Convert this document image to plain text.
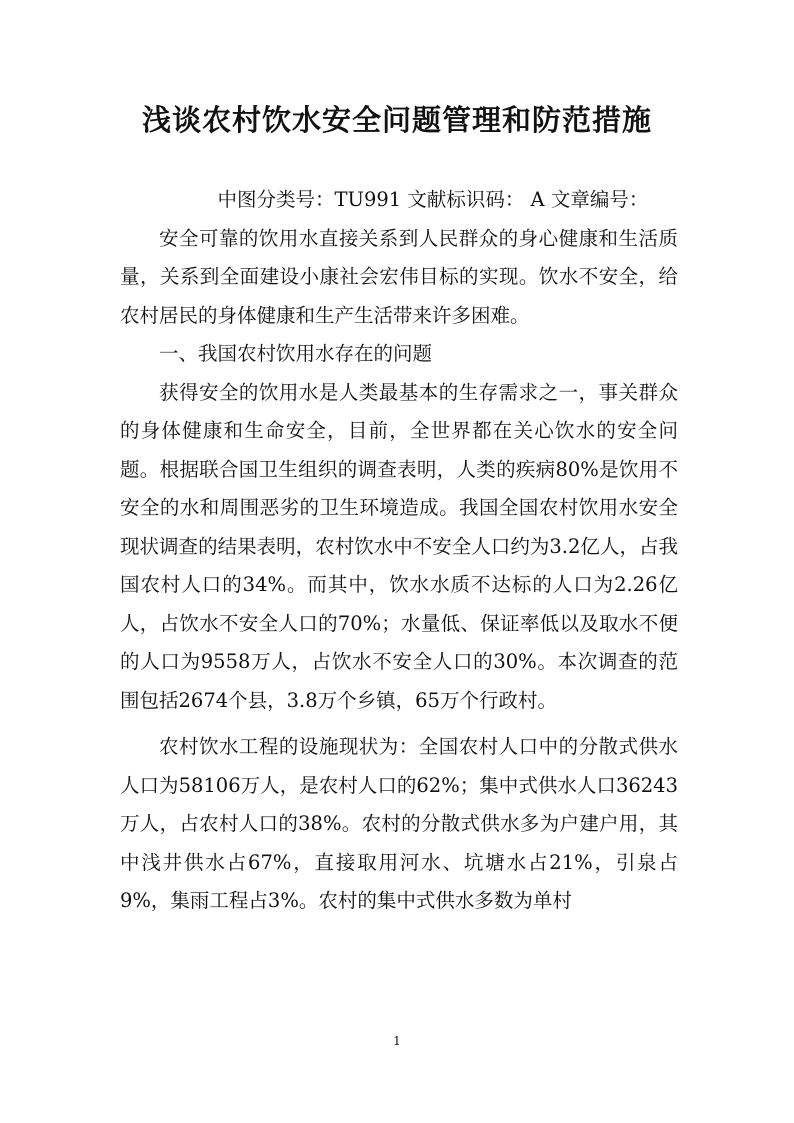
浅谈农村饮水安全问题管理和防范措施

中图分类号：TU991 文献标识码： A 文章编号：

安全可靠的饮用水直接关系到人民群众的身心健康和生活质量，关系到全面建设小康社会宏伟目标的实现。饮水不安全，给农村居民的身体健康和生产生活带来许多困难。

一、我国农村饮用水存在的问题

获得安全的饮用水是人类最基本的生存需求之一，事关群众的身体健康和生命安全，目前，全世界都在关心饮水的安全问题。根据联合国卫生组织的调查表明，人类的疾病80%是饮用不安全的水和周围恶劣的卫生环境造成。我国全国农村饮用水安全现状调查的结果表明，农村饮水中不安全人口约为3.2亿人，占我国农村人口的34%。而其中，饮水水质不达标的人口为2.26亿人，占饮水不安全人口的70%；水量低、保证率低以及取水不便的人口为9558万人，占饮水不安全人口的30%。本次调查的范围包括2674个县，3.8万个乡镇，65万个行政村。

农村饮水工程的设施现状为：全国农村人口中的分散式供水人口为58106万人，是农村人口的62%；集中式供水人口36243万人，占农村人口的38%。农村的分散式供水多为户建户用，其中浅井供水占67%，直接取用河水、坑塘水占21%，引泉占9%，集雨工程占3%。农村的集中式供水多数为单村

1
